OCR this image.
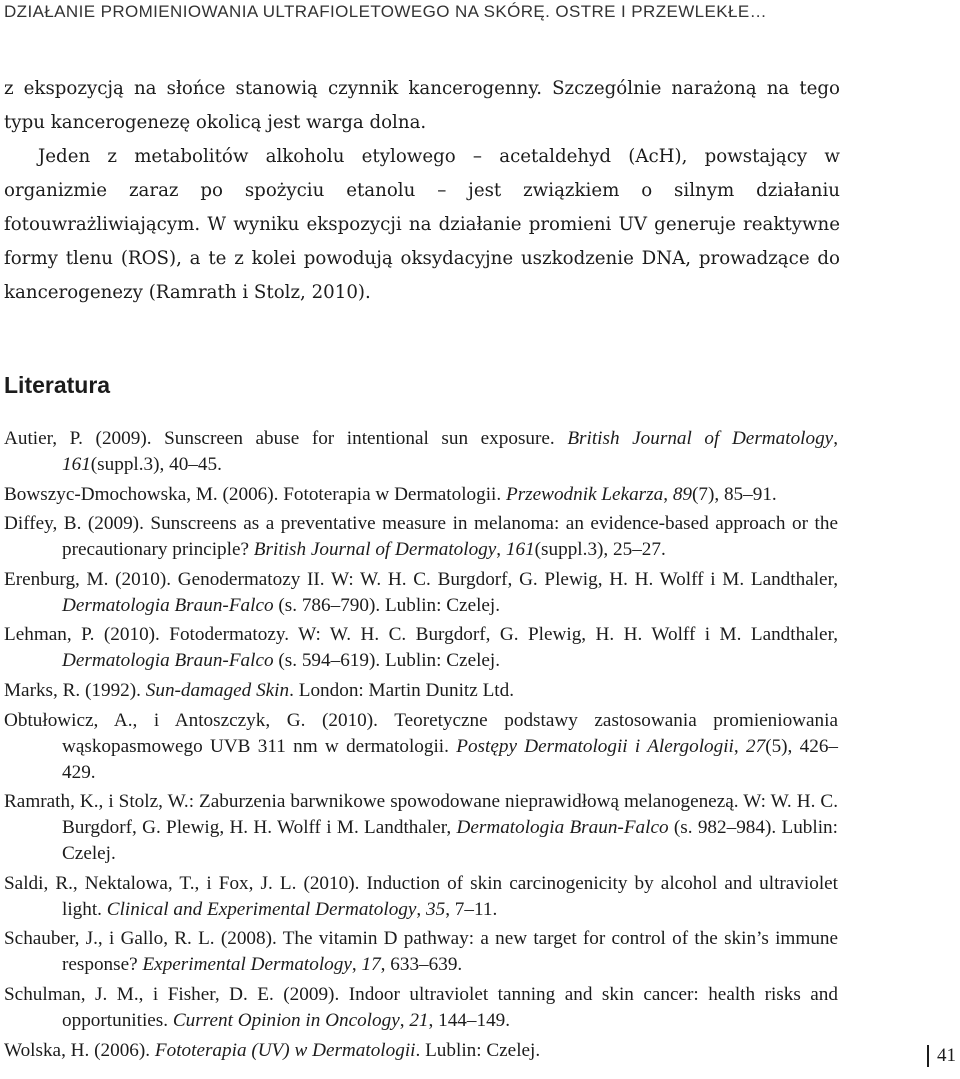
DZIAŁANIE PROMIENIOWANIA ULTRAFIOLETOWEGO NA SKÓRĘ. OSTRE I PRZEWLEKŁE…

z ekspozycją na słońce stanowią czynnik kancerogenny. Szczególnie narażoną na tego typu kancerogenezę okolicą jest warga dolna.

Jeden z metabolitów alkoholu etylowego – acetaldehyd (AcH), powstający w organizmie zaraz po spożyciu etanolu – jest związkiem o silnym działaniu fotouwrażliwiającym. W wyniku ekspozycji na działanie promieni UV generuje reaktywne formy tlenu (ROS), a te z kolei powodują oksydacyjne uszkodzenie DNA, prowadzące do kancerogenezy (Ramrath i Stolz, 2010).

Literatura
Autier, P. (2009). Sunscreen abuse for intentional sun exposure. British Journal of Dermatology, 161(suppl.3), 40–45.
Bowszyc-Dmochowska, M. (2006). Fototerapia w Dermatologii. Przewodnik Lekarza, 89(7), 85–91.
Diffey, B. (2009). Sunscreens as a preventative measure in melanoma: an evidence-based approach or the precautionary principle? British Journal of Dermatology, 161(suppl.3), 25–27.
Erenburg, M. (2010). Genodermatozy II. W: W. H. C. Burgdorf, G. Plewig, H. H. Wolff i M. Landthaler, Dermatologia Braun-Falco (s. 786–790). Lublin: Czelej.
Lehman, P. (2010). Fotodermatozy. W: W. H. C. Burgdorf, G. Plewig, H. H. Wolff i M. Landthaler, Dermatologia Braun-Falco (s. 594–619). Lublin: Czelej.
Marks, R. (1992). Sun-damaged Skin. London: Martin Dunitz Ltd.
Obtułowicz, A., i Antoszczyk, G. (2010). Teoretyczne podstawy zastosowania promieniowania wąskopasmowego UVB 311 nm w dermatologii. Postępy Dermatologii i Alergologii, 27(5), 426–429.
Ramrath, K., i Stolz, W.: Zaburzenia barwnikowe spowodowane nieprawidłową melanogenezą. W: W. H. C. Burgdorf, G. Plewig, H. H. Wolff i M. Landthaler, Dermatologia Braun-Falco (s. 982–984). Lublin: Czelej.
Saldi, R., Nektalowa, T., i Fox, J. L. (2010). Induction of skin carcinogenicity by alcohol and ultraviolet light. Clinical and Experimental Dermatology, 35, 7–11.
Schauber, J., i Gallo, R. L. (2008). The vitamin D pathway: a new target for control of the skin’s immune response? Experimental Dermatology, 17, 633–639.
Schulman, J. M., i Fisher, D. E. (2009). Indoor ultraviolet tanning and skin cancer: health risks and opportunities. Current Opinion in Oncology, 21, 144–149.
Wolska, H. (2006). Fototerapia (UV) w Dermatologii. Lublin: Czelej.	41
